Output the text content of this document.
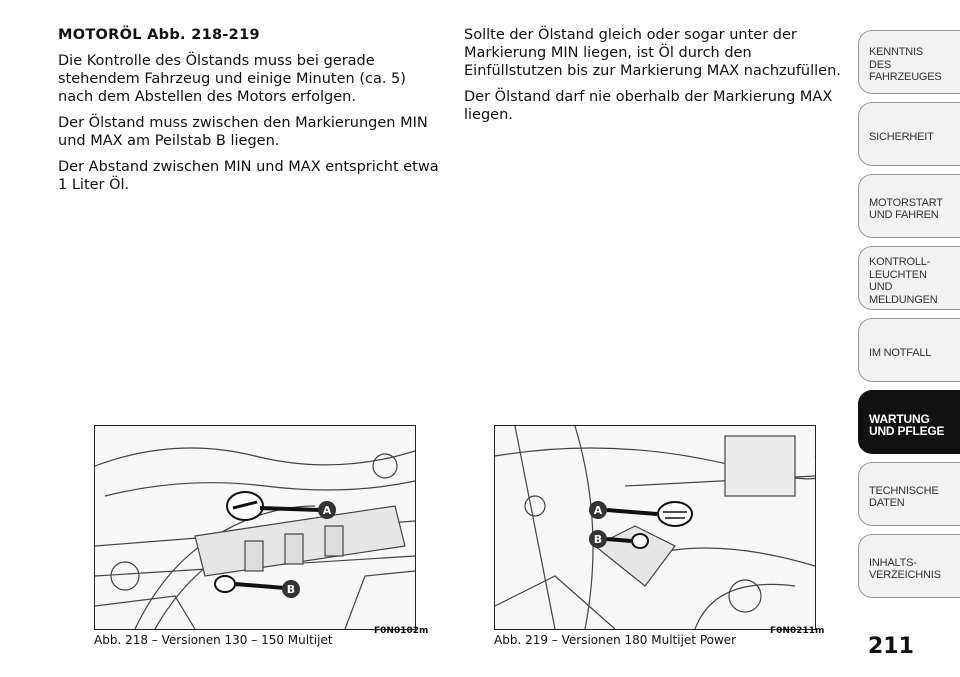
MOTORÖL Abb. 218-219

Die Kontrolle des Ölstands muss bei gerade stehendem Fahrzeug und einige Minuten (ca. 5) nach dem Abstellen des Motors erfolgen.

Der Ölstand muss zwischen den Markierungen MIN und MAX am Peilstab B liegen.

Der Abstand zwischen MIN und MAX entspricht etwa 1 Liter Öl.

Sollte der Ölstand gleich oder sogar unter der Markierung MIN liegen, ist Öl durch den Einfüllstutzen bis zur Markierung MAX nachzufüllen.

Der Ölstand darf nie oberhalb der Markierung MAX liegen.

A
B
Abb. 218 – Versionen 130 – 150 Multijet
F0N0102m
A
B
Abb. 219 – Versionen 180 Multijet Power
F0N0211m
KENNTNIS
DES FAHRZEUGES
SICHERHEIT
MOTORSTART
UND FAHREN
KONTROLL-
LEUCHTEN
UND MELDUNGEN
IM NOTFALL
WARTUNG
UND PFLEGE
TECHNISCHE
DATEN
INHALTS-
VERZEICHNIS
211
